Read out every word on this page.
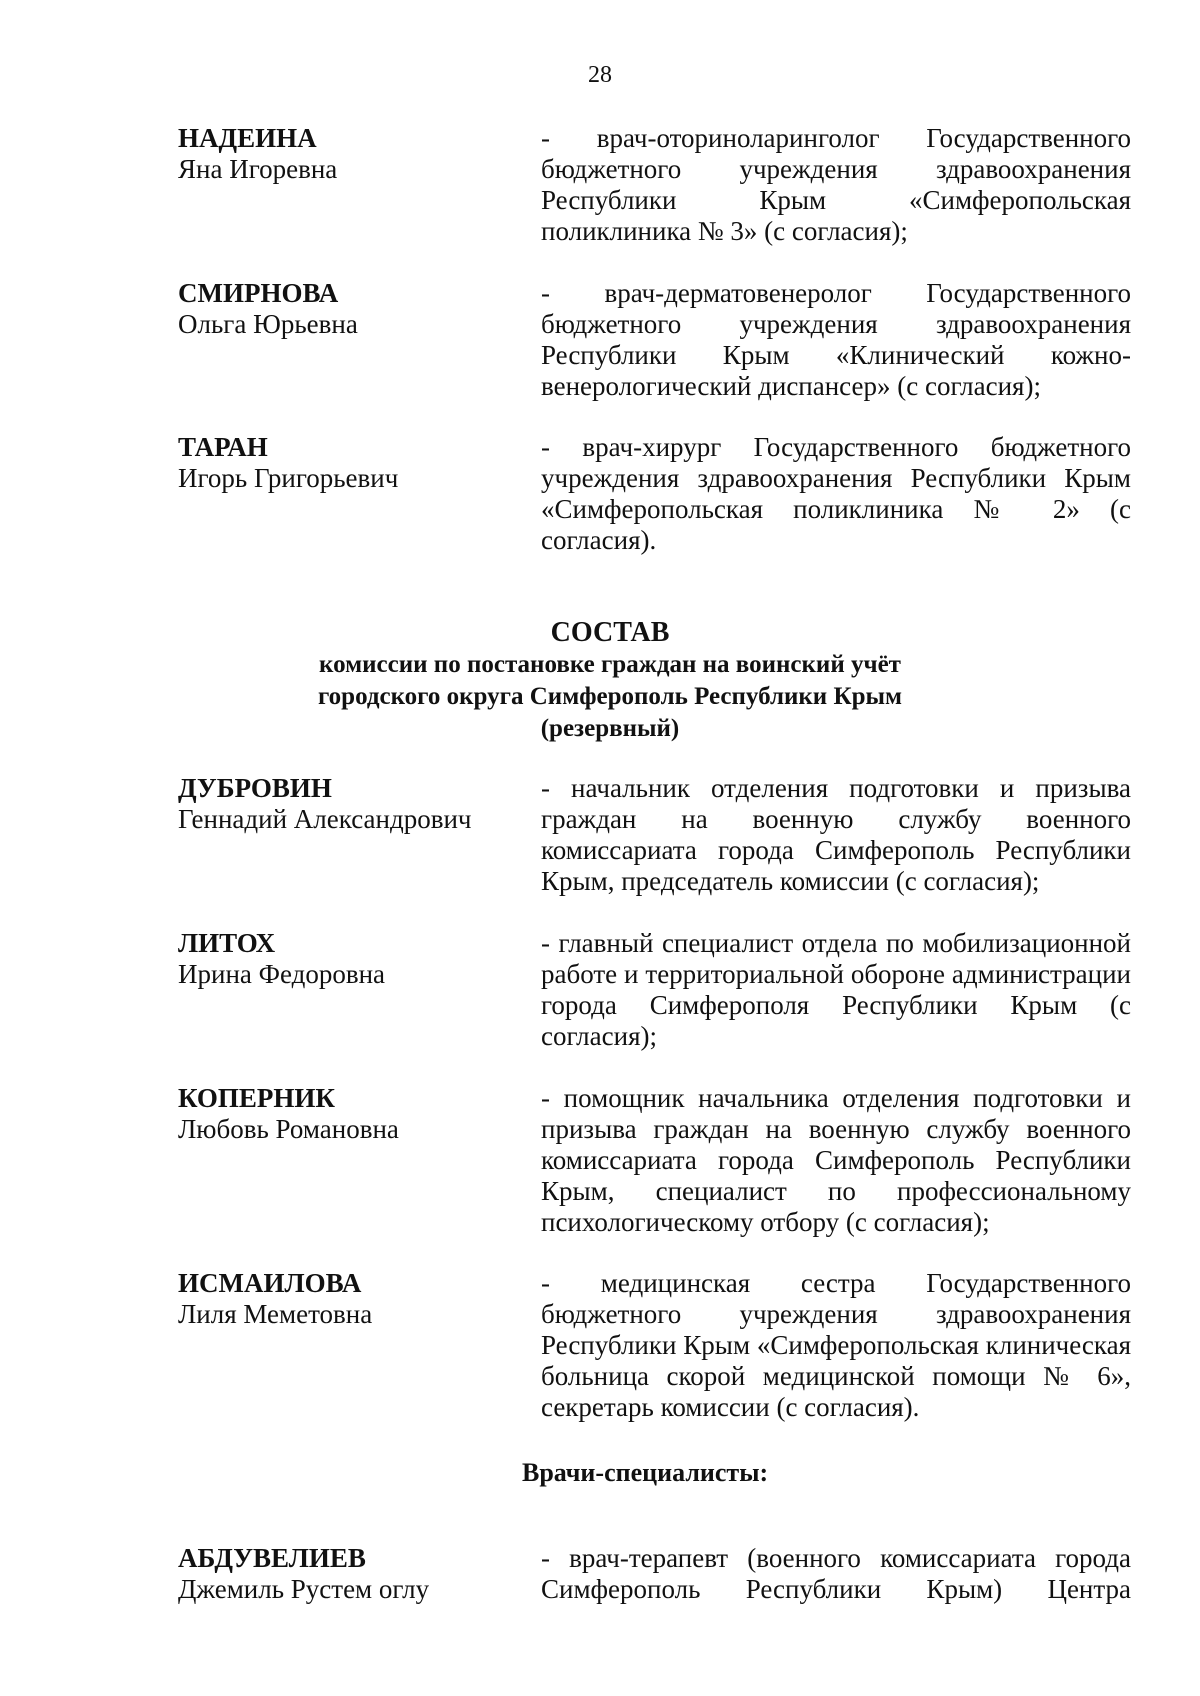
28
НАДЕИНА
Яна Игоревна
- врач-оториноларинголог Государственного бюджетного учреждения здравоохранения Республики Крым «Симферопольская поликлиника № 3» (с согласия);
СМИРНОВА
Ольга Юрьевна
- врач-дерматовенеролог Государственного бюджетного учреждения здравоохранения Республики Крым «Клинический кожно-венерологический диспансер» (с согласия);
ТАРАН
Игорь Григорьевич
- врач-хирург Государственного бюджетного учреждения здравоохранения Республики Крым «Симферопольская поликлиника № 2» (с согласия).
СОСТАВ
комиссии по постановке граждан на воинский учёт
городского округа Симферополь Республики Крым
(резервный)
ДУБРОВИН
Геннадий Александрович
- начальник отделения подготовки и призыва граждан на военную службу военного комиссариата города Симферополь Республики Крым, председатель комиссии (с согласия);
ЛИТОХ
Ирина Федоровна
- главный специалист отдела по мобилизационной работе и территориальной обороне администрации города Симферополя Республики Крым (с согласия);
КОПЕРНИК
Любовь Романовна
- помощник начальника отделения подготовки и призыва граждан на военную службу военного комиссариата города Симферополь Республики Крым, специалист по профессиональному психологическому отбору (с согласия);
ИСМАИЛОВА
Лиля Меметовна
- медицинская сестра Государственного бюджетного учреждения здравоохранения Республики Крым «Симферопольская клиническая больница скорой медицинской помощи № 6», секретарь комиссии (с согласия).
Врачи-специалисты:
АБДУВЕЛИЕВ
Джемиль Рустем оглу
- врач-терапевт (военного комиссариата города Симферополь Республики Крым) Центра
